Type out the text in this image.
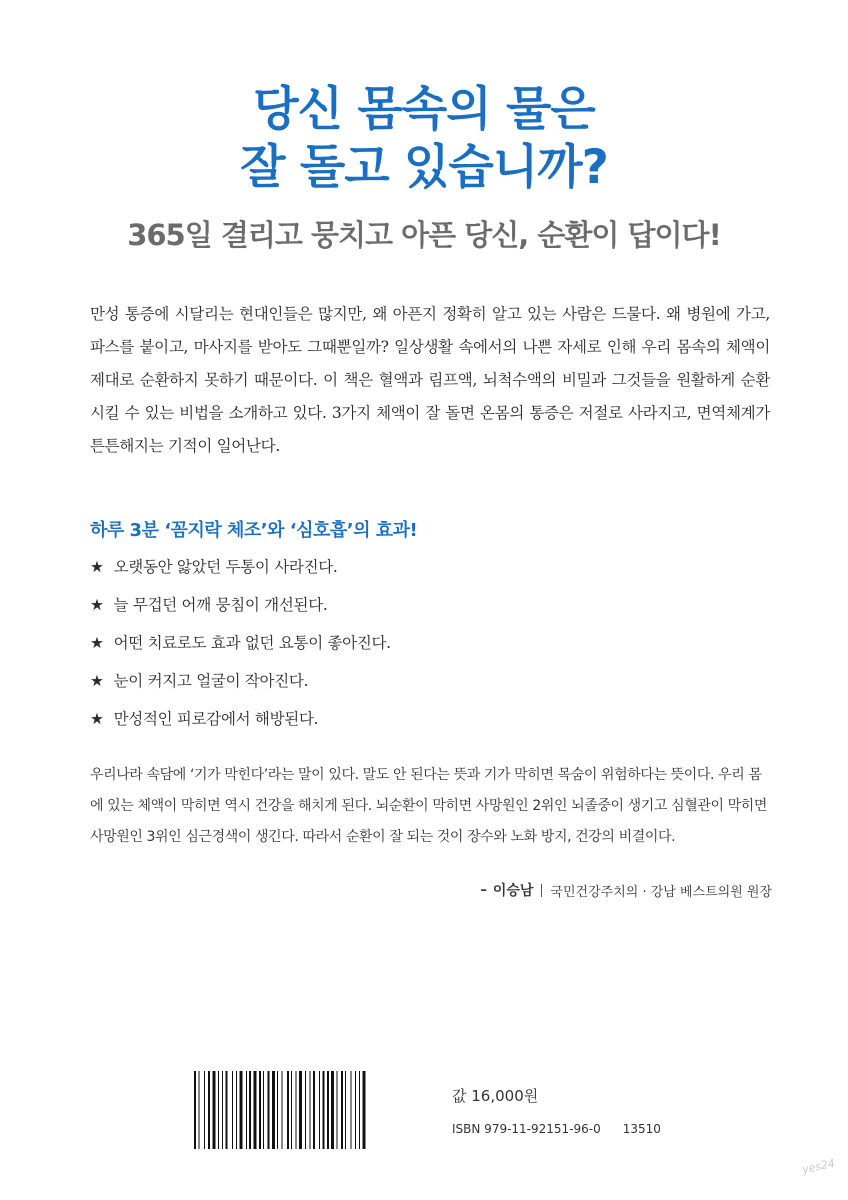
당신 몸속의 물은
잘 돌고 있습니까?
365일 결리고 뭉치고 아픈 당신, 순환이 답이다!

만성 통증에 시달리는 현대인들은 많지만, 왜 아픈지 정확히 알고 있는 사람은 드물다. 왜 병원에 가고, 파스를 붙이고, 마사지를 받아도 그때뿐일까? 일상생활 속에서의 나쁜 자세로 인해 우리 몸속의 체액이 제대로 순환하지 못하기 때문이다. 이 책은 혈액과 림프액, 뇌척수액의 비밀과 그것들을 원활하게 순환시킬 수 있는 비법을 소개하고 있다. 3가지 체액이 잘 돌면 온몸의 통증은 저절로 사라지고, 면역체계가 튼튼해지는 기적이 일어난다.

하루 3분 ‘꼼지락 체조’와 ‘심호흡’의 효과!
★ 오랫동안 앓았던 두통이 사라진다.
★ 늘 무겁던 어깨 뭉침이 개선된다.
★ 어떤 치료로도 효과 없던 요통이 좋아진다.
★ 눈이 커지고 얼굴이 작아진다.
★ 만성적인 피로감에서 해방된다.

우리나라 속담에 ‘기가 막힌다’라는 말이 있다. 말도 안 된다는 뜻과 기가 막히면 목숨이 위험하다는 뜻이다. 우리 몸에 있는 체액이 막히면 역시 건강을 해치게 된다. 뇌순환이 막히면 사망원인 2위인 뇌졸중이 생기고 심혈관이 막히면 사망원인 3위인 심근경색이 생긴다. 따라서 순환이 잘 되는 것이 장수와 노화 방지, 건강의 비결이다.

– 이승남 국민건강주치의 · 강남 베스트의원 원장
값 16,000원
ISBN 979-11-92151-96-0 13510
yes24
